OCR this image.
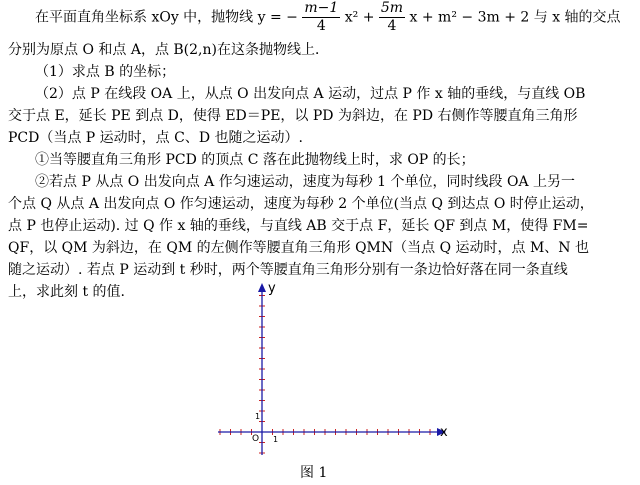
在平面直角坐标系 xOy 中，抛物线 y = − $\frac{m-1}{4} x^2 + \frac{5m}{4}$ x + m² − 3m + 2 与 x 轴的交点
分别为原点 O 和点 A，点 B(2,n)在这条抛物线上．
（1）求点 B 的坐标；
（2）点 P 在线段 OA 上，从点 O 出发向点 A 运动，过点 P 作 x 轴的垂线，与直线 OB
交于点 E，延长 PE 到点 D，使得 ED＝PE，以 PD 为斜边，在 PD 右侧作等腰直角三角形
PCD（当点 P 运动时，点 C、D 也随之运动）.
①当等腰直角三角形 PCD 的顶点 C 落在此抛物线上时，求 OP 的长；
②若点 P 从点 O 出发向点 A 作匀速运动，速度为每秒 1 个单位，同时线段 OA 上另一
个点 Q 从点 A 出发向点 O 作匀速运动，速度为每秒 2 个单位(当点 Q 到达点 O 时停止运动，
点 P 也停止运动). 过 Q 作 x 轴的垂线，与直线 AB 交于点 F，延长 QF 到点 M，使得 FM=
QF，以 QM 为斜边，在 QM 的左侧作等腰直角三角形 QMN（当点 Q 运动时，点 M、N 也
随之运动）. 若点 P 运动到 t 秒时，两个等腰直角三角形分别有一条边恰好落在同一条直线
上，求此刻 t 的值.
x
y
O 1
1
图 1
